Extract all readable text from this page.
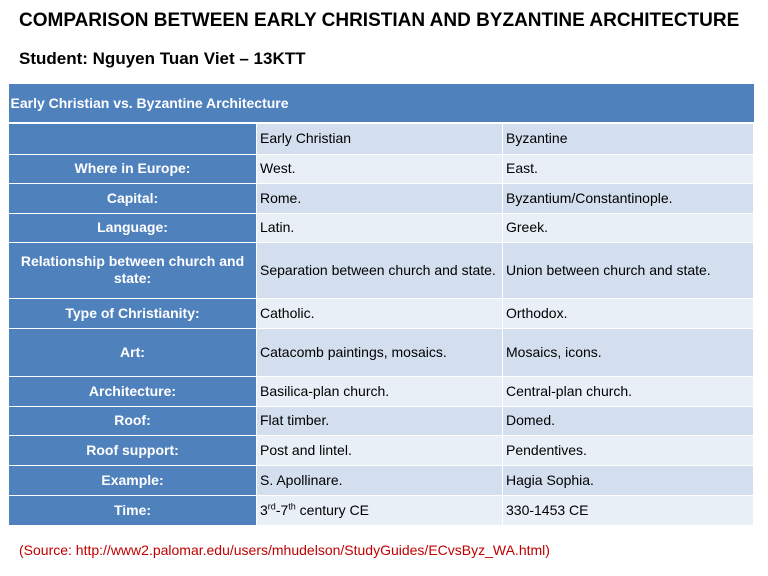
COMPARISON BETWEEN EARLY CHRISTIAN AND BYZANTINE ARCHITECTURE
Student: Nguyen Tuan Viet – 13KTT
Early Christian vs. Byzantine Architecture		
	Early Christian	Byzantine
Where in Europe:	West.	East.
Capital:	Rome.	Byzantium/Constantinople.
Language:	Latin.	Greek.
Relationship between church and state:	Separation between church and state.	Union between church and state.
Type of Christianity:	Catholic.	Orthodox.
Art:	Catacomb paintings, mosaics.	Mosaics, icons.
Architecture:	Basilica-plan church.	Central-plan church.
Roof:	Flat timber.	Domed.
Roof support:	Post and lintel.	Pendentives.
Example:	S. Apollinare.	Hagia Sophia.
Time:	3rd-7th century CE	330-1453 CE
(Source: http://www2.palomar.edu/users/mhudelson/StudyGuides/ECvsByz_WA.html)
